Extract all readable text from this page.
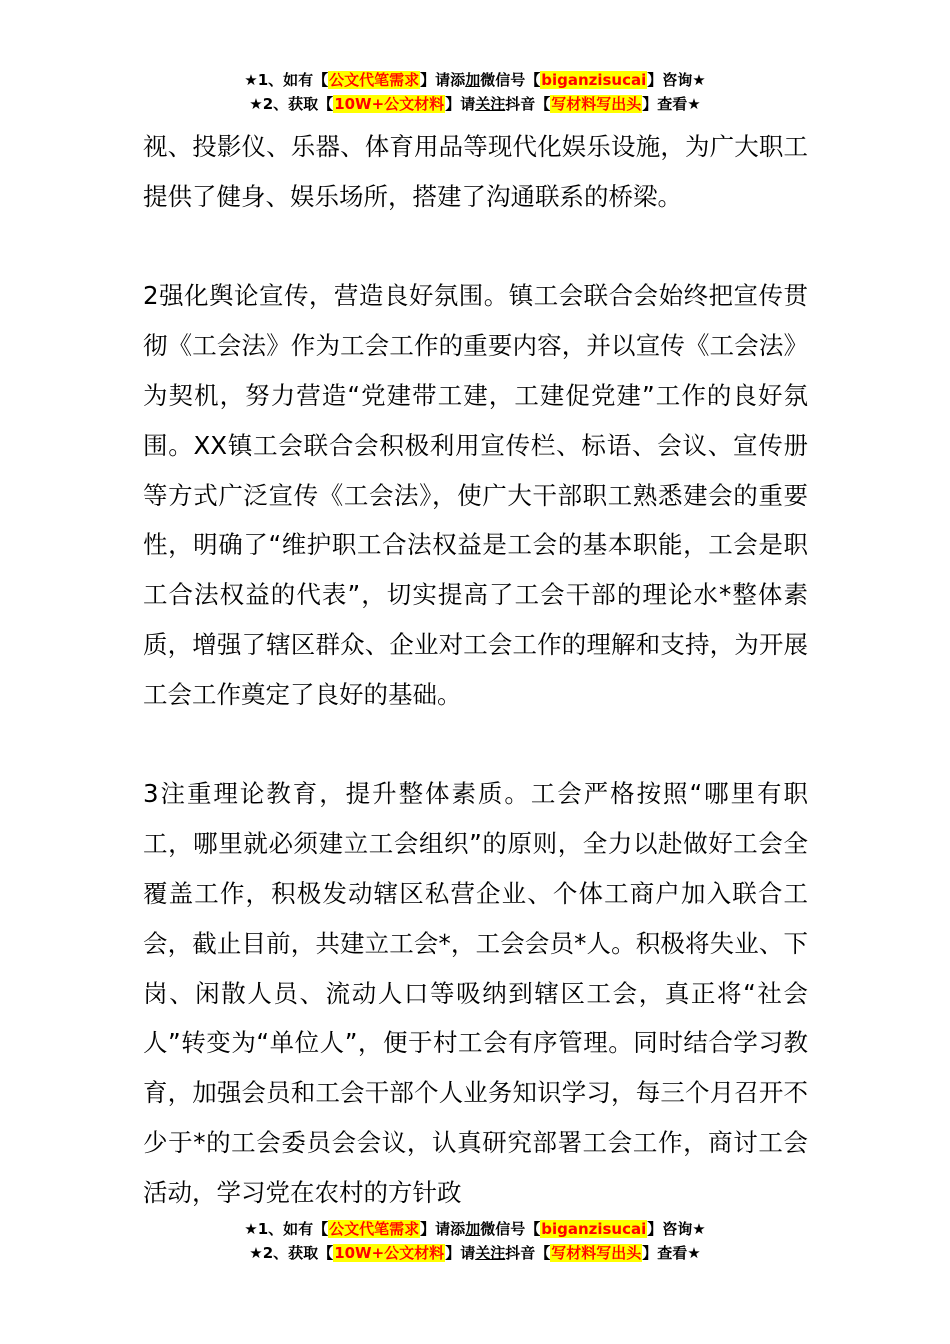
★1、如有【公文代笔需求】请添加微信号【biganzisucai】咨询★
★2、获取【10W+公文材料】请关注抖音【写材料写出头】查看★

视、投影仪、乐器、体育用品等现代化娱乐设施，为广大职工提供了健身、娱乐场所，搭建了沟通联系的桥梁。

2强化舆论宣传，营造良好氛围。镇工会联合会始终把宣传贯彻《工会法》作为工会工作的重要内容，并以宣传《工会法》为契机，努力营造“党建带工建，工建促党建”工作的良好氛围。XX镇工会联合会积极利用宣传栏、标语、会议、宣传册等方式广泛宣传《工会法》，使广大干部职工熟悉建会的重要性，明确了“维护职工合法权益是工会的基本职能，工会是职工合法权益的代表”，切实提高了工会干部的理论水*整体素质，增强了辖区群众、企业对工会工作的理解和支持，为开展工会工作奠定了良好的基础。

3注重理论教育，提升整体素质。工会严格按照“哪里有职工，哪里就必须建立工会组织”的原则，全力以赴做好工会全覆盖工作，积极发动辖区私营企业、个体工商户加入联合工会，截止目前，共建立工会*，工会会员*人。积极将失业、下岗、闲散人员、流动人口等吸纳到辖区工会，真正将“社会人”转变为“单位人”，便于村工会有序管理。同时结合学习教育，加强会员和工会干部个人业务知识学习，每三个月召开不少于*的工会委员会会议，认真研究部署工会工作，商讨工会活动，学习党在农村的方针政

★1、如有【公文代笔需求】请添加微信号【biganzisucai】咨询★
★2、获取【10W+公文材料】请关注抖音【写材料写出头】查看★
